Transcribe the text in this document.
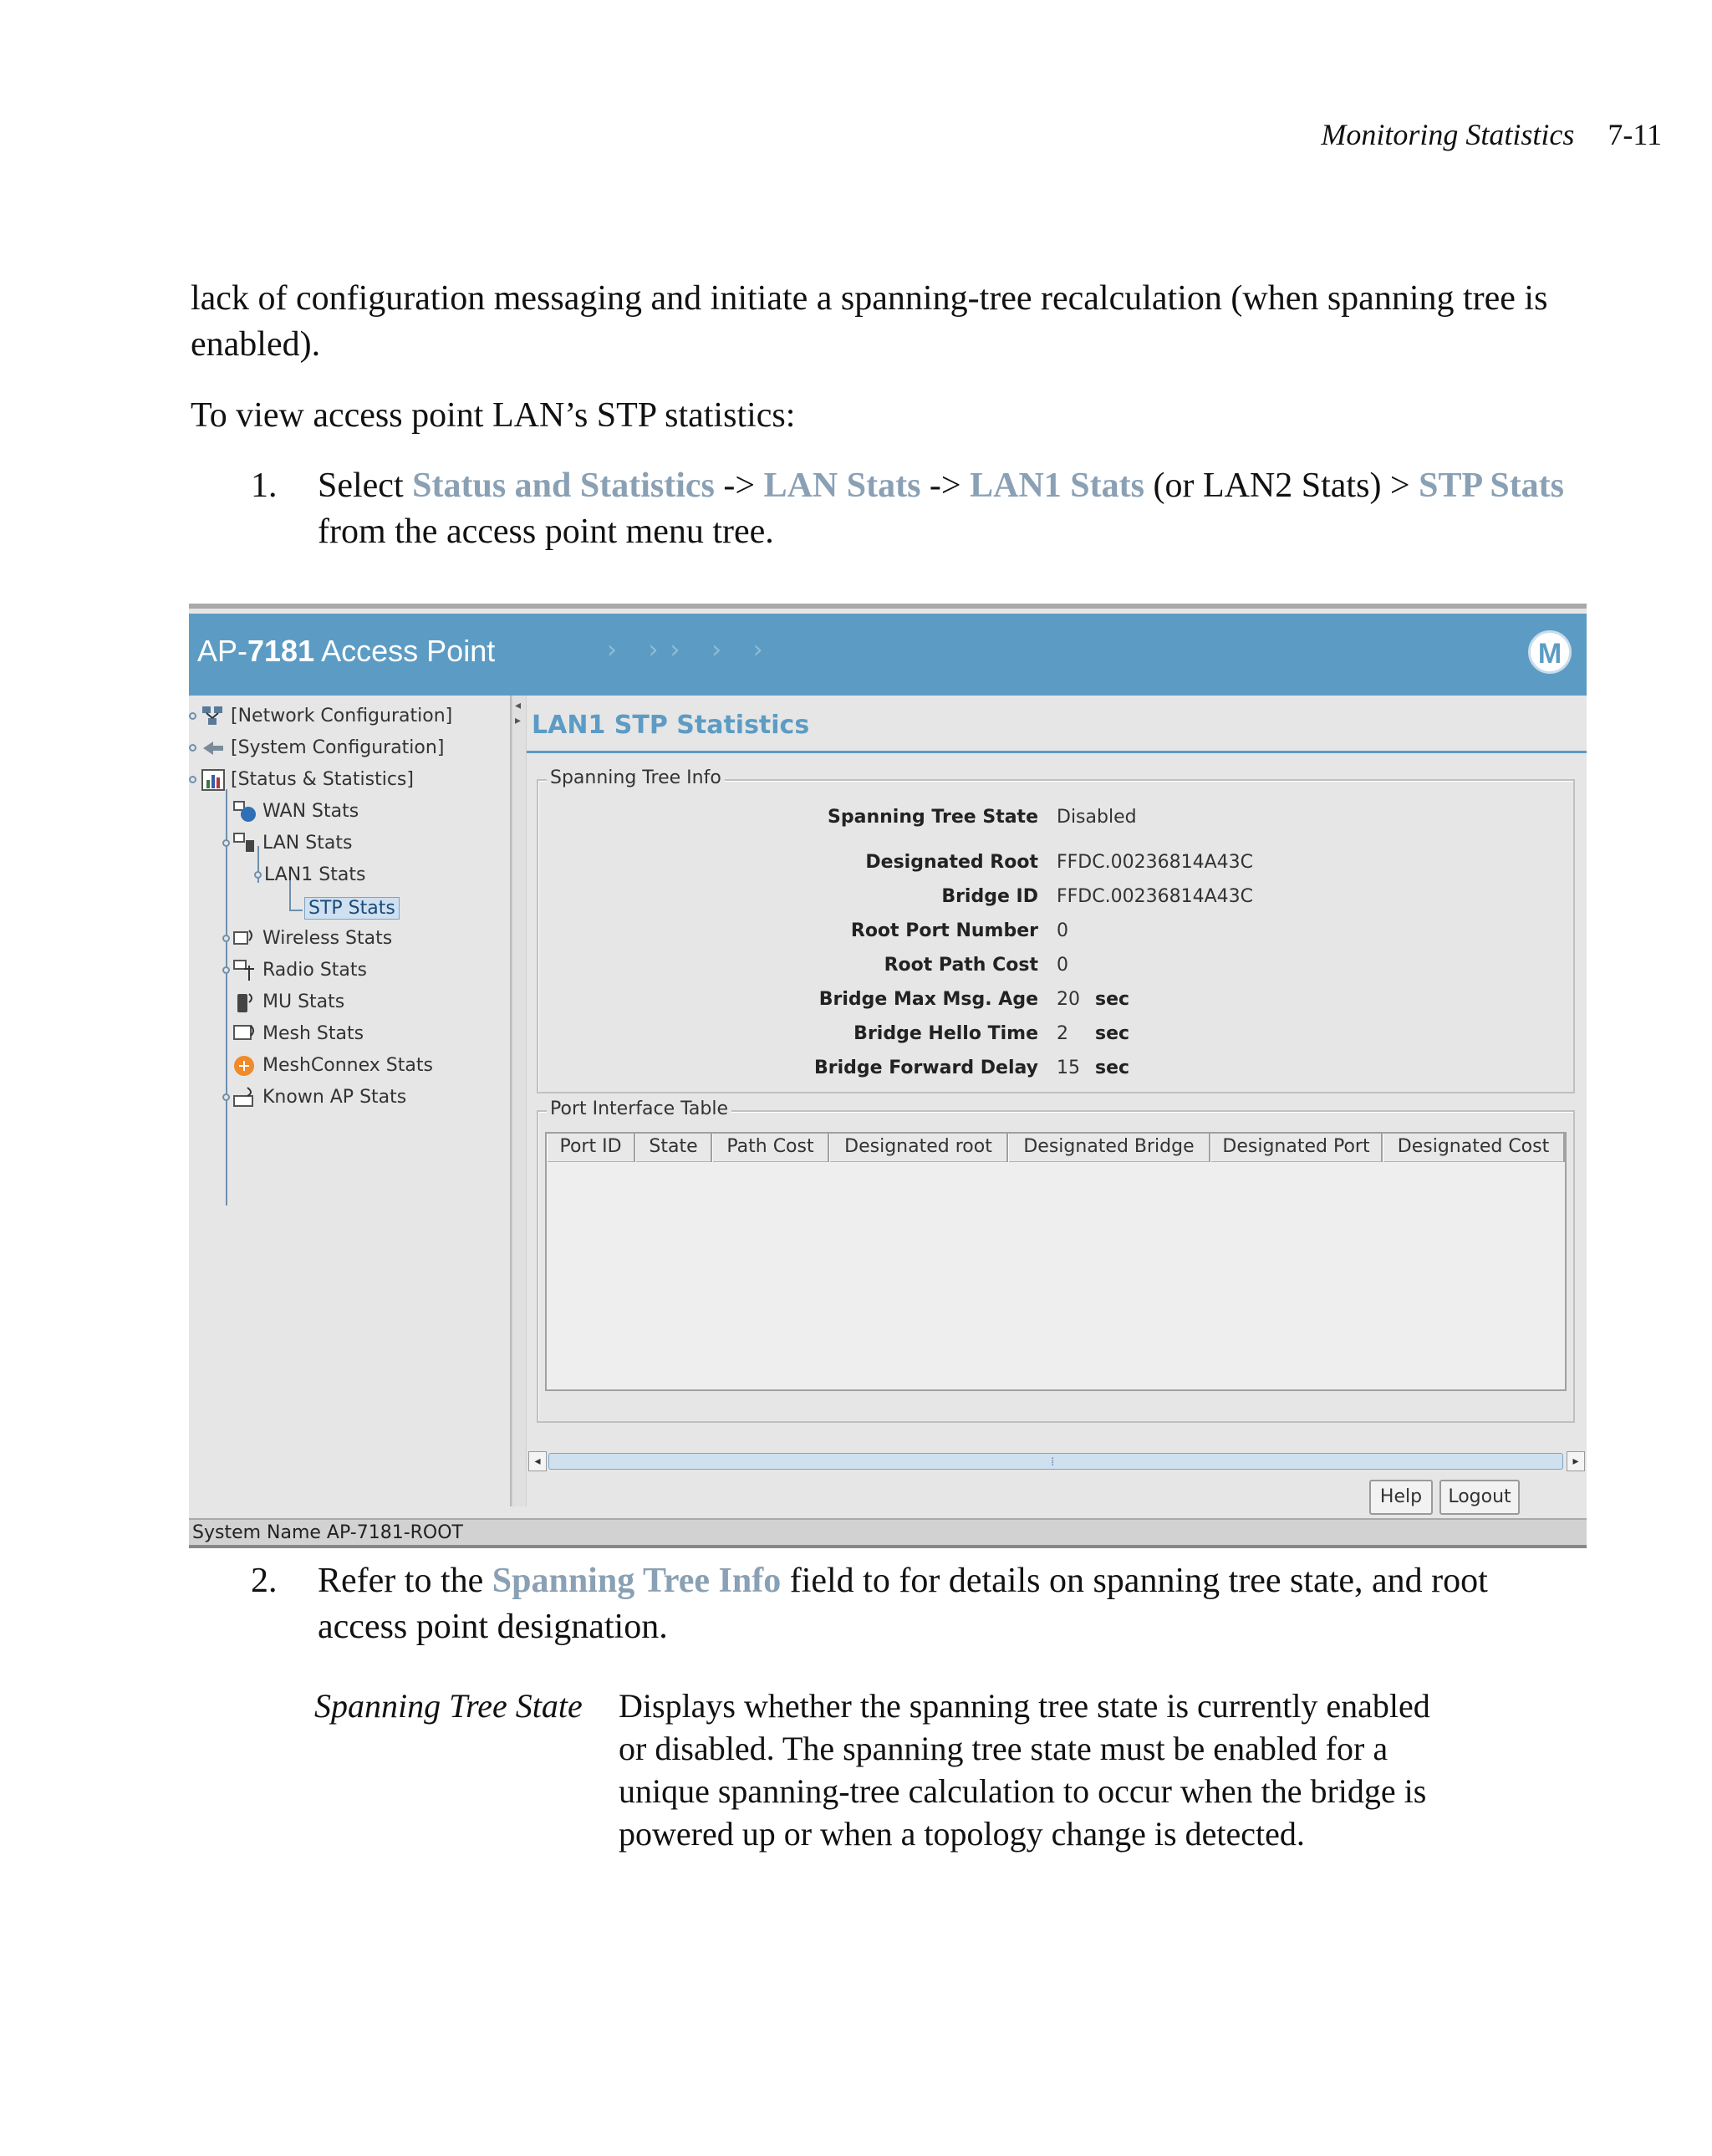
Monitoring Statistics 7-11
lack of configuration messaging and initiate a spanning-tree recalculation (when spanning tree is enabled).
To view access point LAN’s STP statistics:
1. Select Status and Statistics -> LAN Stats -> LAN1 Stats (or LAN2 Stats) > STP Stats from the access point menu tree.
AP-7181 Access Point	› ›› › ›	M
[Network Configuration]
[System Configuration]
[Status & Statistics]
WAN Stats
LAN Stats
LAN1 Stats
STP Stats
Wireless Stats
Radio Stats
MU Stats
Mesh Stats
MeshConnex Stats
Known AP Stats
◂
▸ LAN1 STP Statistics
Spanning Tree Info
Spanning Tree State Disabled
Designated Root FFDC.00236814A43C
Bridge ID FFDC.00236814A43C
Root Port Number 0
Root Path Cost 0
Bridge Max Msg. Age 20 sec
Bridge Hello Time 2 sec
Bridge Forward Delay 15 sec
Port Interface Table
Port ID	State	Path Cost	Designated root	Designated Bridge	Designated Port	Designated Cost
◂	⁞	▸
Help	Logout
System Name AP-7181-ROOT
2. Refer to the Spanning Tree Info field to for details on spanning tree state, and root access point designation.
Spanning Tree State Displays whether the spanning tree state is currently enabled or disabled. The spanning tree state must be enabled for a unique spanning-tree calculation to occur when the bridge is powered up or when a topology change is detected.
